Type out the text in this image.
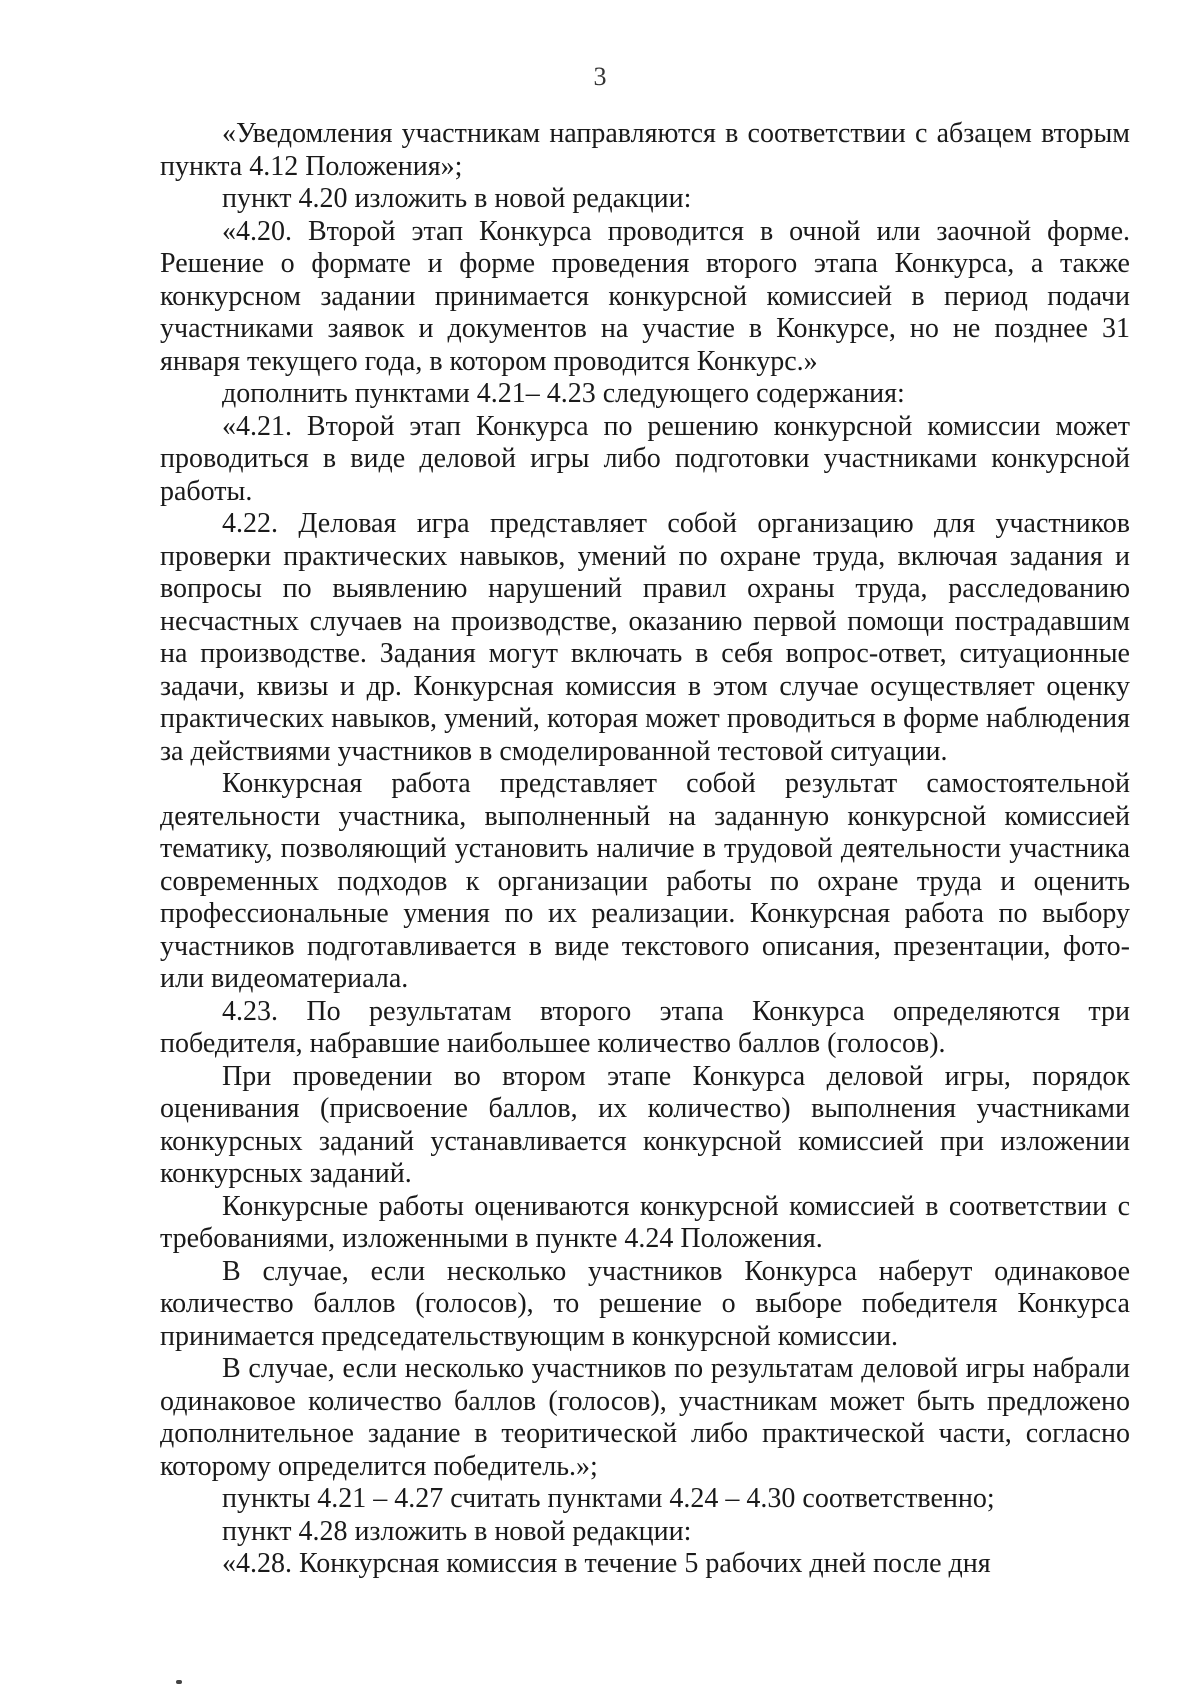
3

«Уведомления участникам направляются в соответствии с абзацем вторым пункта 4.12 Положения»;

пункт 4.20 изложить в новой редакции:

«4.20. Второй этап Конкурса проводится в очной или заочной форме. Решение о формате и форме проведения второго этапа Конкурса, а также конкурсном задании принимается конкурсной комиссией в период подачи участниками заявок и документов на участие в Конкурсе, но не позднее 31 января текущего года, в котором проводится Конкурс.»

дополнить пунктами 4.21– 4.23 следующего содержания:

«4.21. Второй этап Конкурса по решению конкурсной комиссии может проводиться в виде деловой игры либо подготовки участниками конкурсной работы.

4.22. Деловая игра представляет собой организацию для участников проверки практических навыков, умений по охране труда, включая задания и вопросы по выявлению нарушений правил охраны труда, расследованию несчастных случаев на производстве, оказанию первой помощи пострадавшим на производстве. Задания могут включать в себя вопрос-ответ, ситуационные задачи, квизы и др. Конкурсная комиссия в этом случае осуществляет оценку практических навыков, умений, которая может проводиться в форме наблюдения за действиями участников в смоделированной тестовой ситуации.

Конкурсная работа представляет собой результат самостоятельной деятельности участника, выполненный на заданную конкурсной комиссией тематику, позволяющий установить наличие в трудовой деятельности участника современных подходов к организации работы по охране труда и оценить профессиональные умения по их реализации. Конкурсная работа по выбору участников подготавливается в виде текстового описания, презентации, фото- или видеоматериала.

4.23. По результатам второго этапа Конкурса определяются три победителя, набравшие наибольшее количество баллов (голосов).

При проведении во втором этапе Конкурса деловой игры, порядок оценивания (присвоение баллов, их количество) выполнения участниками конкурсных заданий устанавливается конкурсной комиссией при изложении конкурсных заданий.

Конкурсные работы оцениваются конкурсной комиссией в соответствии с требованиями, изложенными в пункте 4.24 Положения.

В случае, если несколько участников Конкурса наберут одинаковое количество баллов (голосов), то решение о выборе победителя Конкурса принимается председательствующим в конкурсной комиссии.

В случае, если несколько участников по результатам деловой игры набрали одинаковое количество баллов (голосов), участникам может быть предложено дополнительное задание в теоритической либо практической части, согласно которому определится победитель.»;

пункты 4.21 – 4.27 считать пунктами 4.24 – 4.30 соответственно;

пункт 4.28 изложить в новой редакции:

«4.28. Конкурсная комиссия в течение 5 рабочих дней после дня
